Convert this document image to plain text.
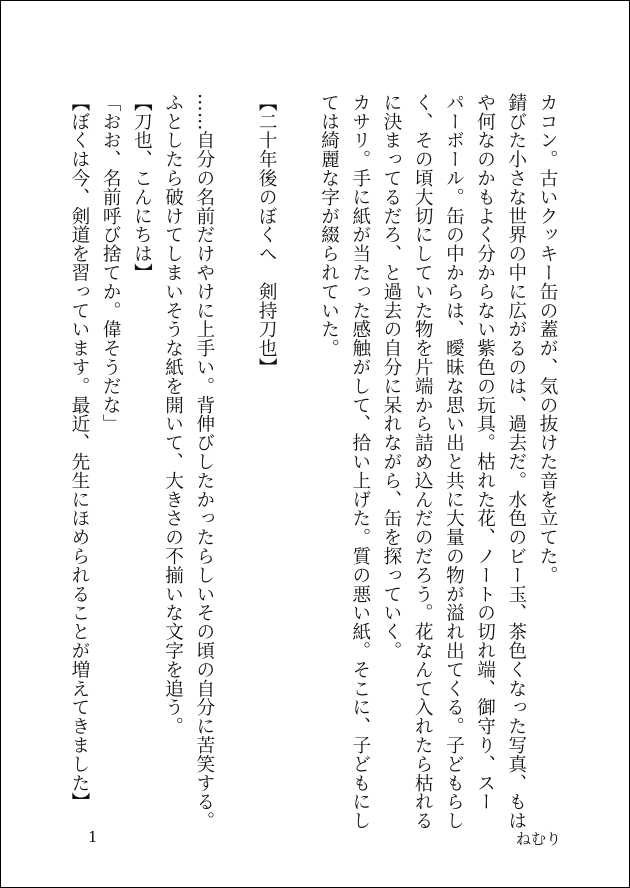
カコン。古いクッキー缶の蓋が、気の抜けた音を立てた。
錆びた小さな世界の中に広がるのは、過去だ。水色のビー玉、茶色くなった写真、もは
や何なのかもよく分からない紫色の玩具。枯れた花、ノートの切れ端、御守り、スー
パーボール。缶の中からは、曖昧な思い出と共に大量の物が溢れ出てくる。子どもらし
く、その頃大切にしていた物を片端から詰め込んだのだろう。花なんて入れたら枯れる
に決まってるだろ、と過去の自分に呆れながら、缶を探っていく。
カサリ。手に紙が当たった感触がして、拾い上げた。質の悪い紙。そこに、子どもにし
ては綺麗な字が綴られていた。
【二十年後のぼくへ　剣持刀也】
……自分の名前だけやけに上手い。背伸びしたかったらしいその頃の自分に苦笑する。
ふとしたら破けてしまいそうな紙を開いて、大きさの不揃いな文字を追う。
【刀也、こんにちは】
「おお、名前呼び捨てか。偉そうだな」
【ぼくは今、剣道を習っています。最近、先生にほめられることが増えてきました】
1	ねむり
